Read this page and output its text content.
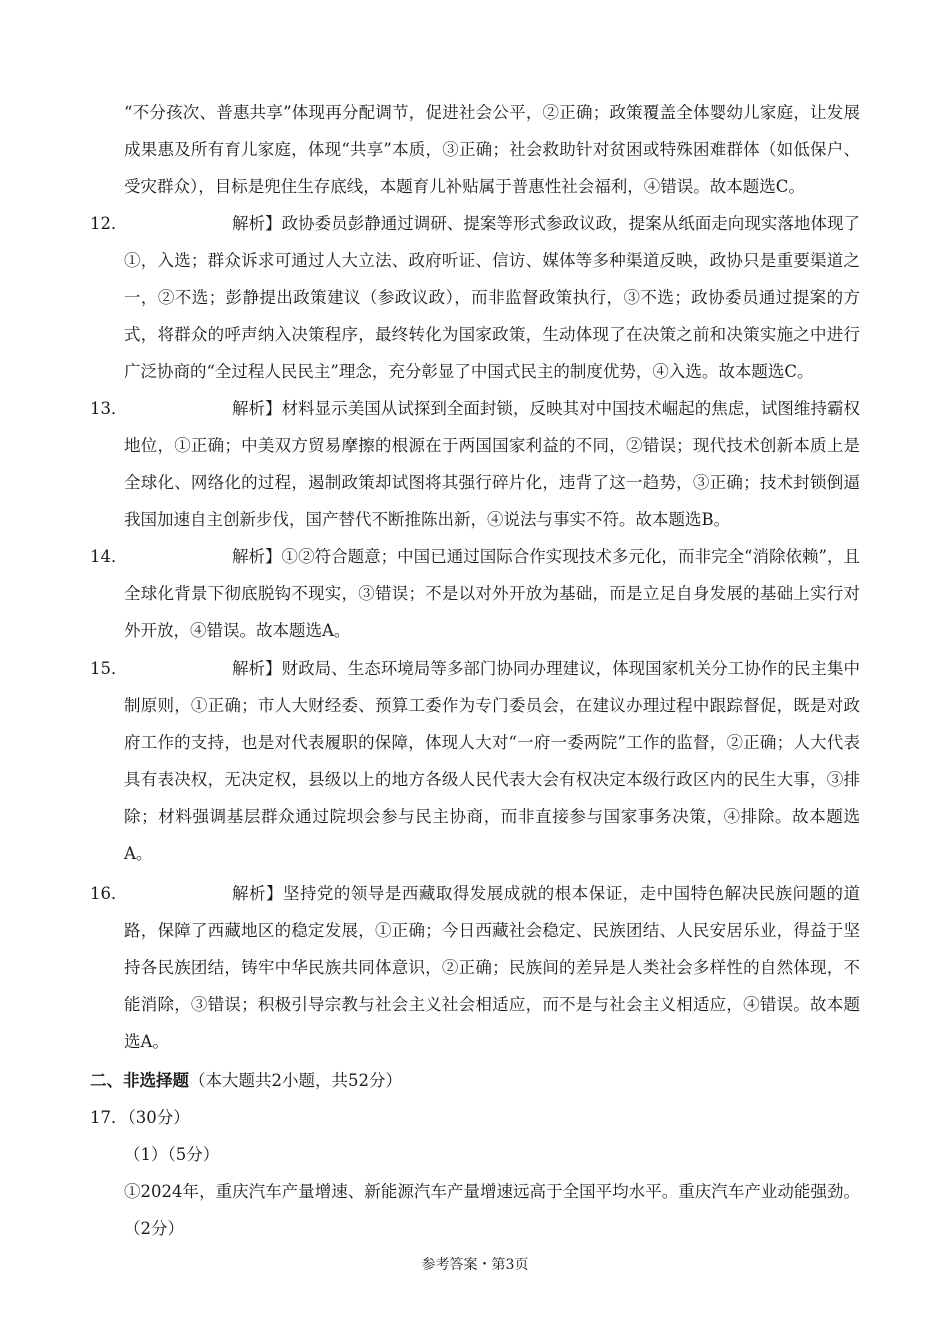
“不分孩次、普惠共享”体现再分配调节，促进社会公平，②正确；政策覆盖全体婴幼儿家庭，让发展成果惠及所有育儿家庭，体现“共享”本质，③正确；社会救助针对贫困或特殊困难群体（如低保户、受灾群众），目标是兜住生存底线，本题育儿补贴属于普惠性社会福利，④错误。故本题选C。
12．	解析】政协委员彭静通过调研、提案等形式参政议政，提案从纸面走向现实落地体现了①，入选；群众诉求可通过人大立法、政府听证、信访、媒体等多种渠道反映，政协只是重要渠道之一，②不选；彭静提出政策建议（参政议政），而非监督政策执行，③不选；政协委员通过提案的方式，将群众的呼声纳入决策程序，最终转化为国家政策，生动体现了在决策之前和决策实施之中进行广泛协商的“全过程人民民主”理念，充分彰显了中国式民主的制度优势，④入选。故本题选C。
13．	解析】材料显示美国从试探到全面封锁，反映其对中国技术崛起的焦虑，试图维持霸权地位，①正确；中美双方贸易摩擦的根源在于两国国家利益的不同，②错误；现代技术创新本质上是全球化、网络化的过程，遏制政策却试图将其强行碎片化，违背了这一趋势，③正确；技术封锁倒逼我国加速自主创新步伐，国产替代不断推陈出新，④说法与事实不符。故本题选B。
14．	解析】①②符合题意；中国已通过国际合作实现技术多元化，而非完全“消除依赖”，且全球化背景下彻底脱钩不现实，③错误；不是以对外开放为基础，而是立足自身发展的基础上实行对外开放，④错误。故本题选A。
15．	解析】财政局、生态环境局等多部门协同办理建议，体现国家机关分工协作的民主集中制原则，①正确；市人大财经委、预算工委作为专门委员会，在建议办理过程中跟踪督促，既是对政府工作的支持，也是对代表履职的保障，体现人大对“一府一委两院”工作的监督，②正确；人大代表具有表决权，无决定权，县级以上的地方各级人民代表大会有权决定本级行政区内的民生大事，③排除；材料强调基层群众通过院坝会参与民主协商，而非直接参与国家事务决策，④排除。故本题选A。
16．	解析】坚持党的领导是西藏取得发展成就的根本保证，走中国特色解决民族问题的道路，保障了西藏地区的稳定发展，①正确；今日西藏社会稳定、民族团结、人民安居乐业，得益于坚持各民族团结，铸牢中华民族共同体意识，②正确；民族间的差异是人类社会多样性的自然体现，不能消除，③错误；积极引导宗教与社会主义社会相适应，而不是与社会主义相适应，④错误。故本题选A。
二、非选择题（本大题共2小题，共52分）
17．（30分）
（1）（5分）
①2024年，重庆汽车产量增速、新能源汽车产量增速远高于全国平均水平。重庆汽车产业动能强劲。（2分）
参考答案・第3页
